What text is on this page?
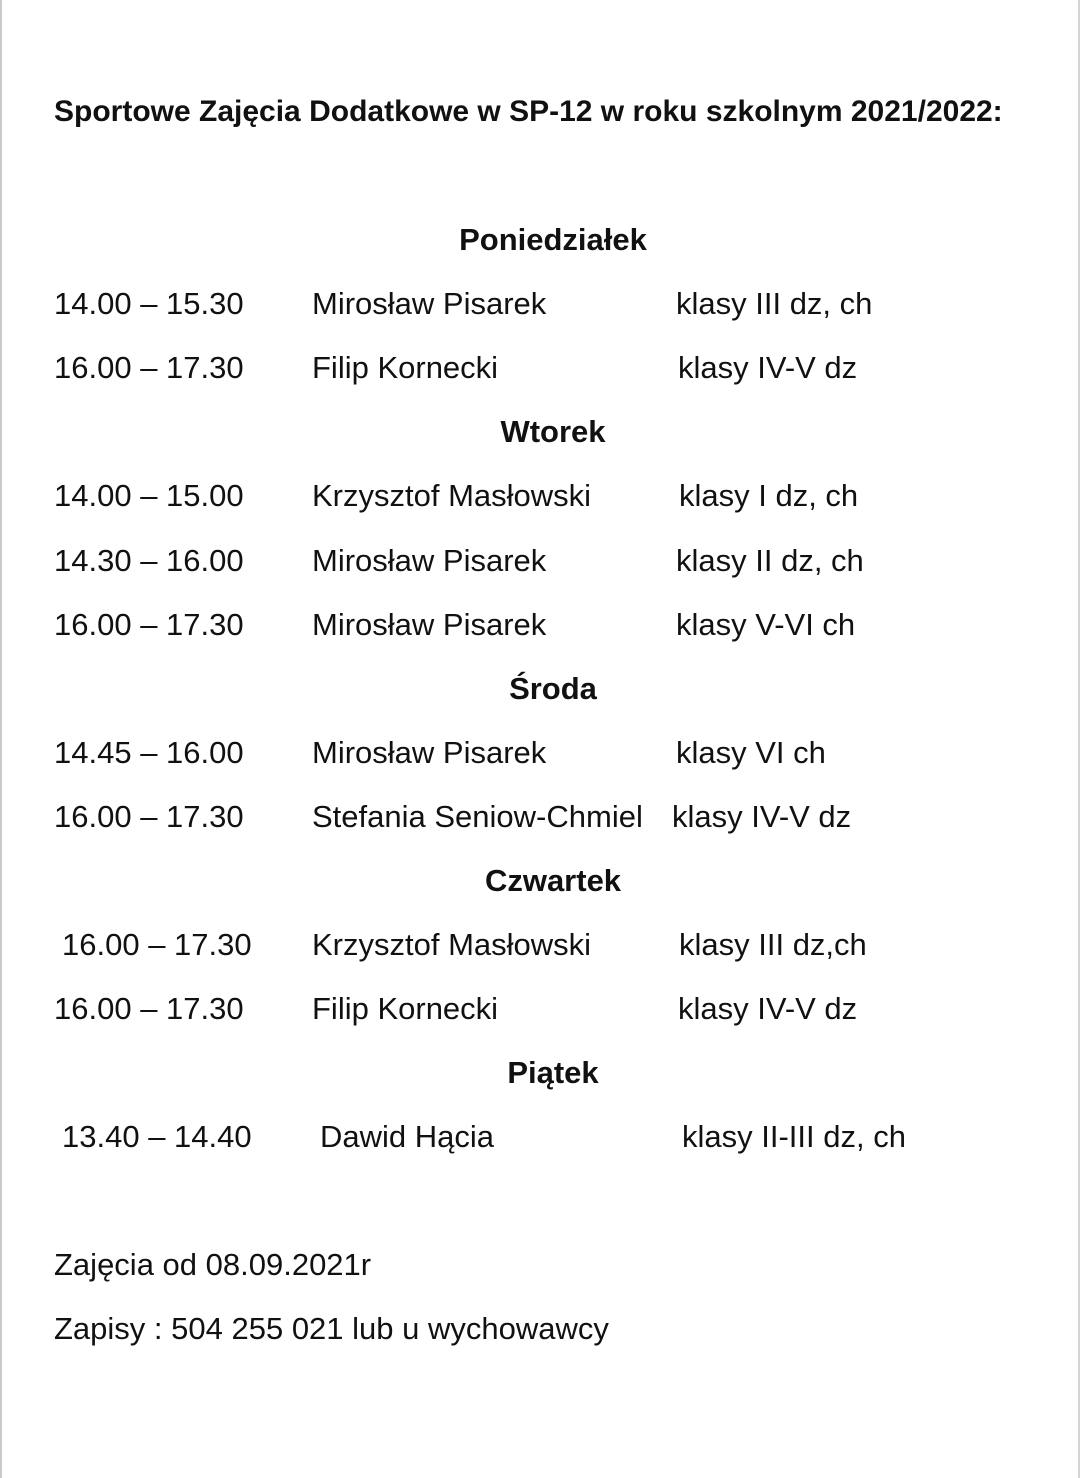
Sportowe Zajęcia Dodatkowe w SP-12 w roku szkolnym 2021/2022:
Poniedziałek
14.00 – 15.30 Mirosław Pisarek	klasy III dz, ch
16.00 – 17.30 Filip Kornecki	klasy IV-V dz
Wtorek
14.00 – 15.00 Krzysztof Masłowski	klasy I dz, ch
14.30 – 16.00 Mirosław Pisarek	klasy II dz, ch
16.00 – 17.30 Mirosław Pisarek	klasy V-VI ch
Środa
14.45 – 16.00 Mirosław Pisarek	klasy VI ch
16.00 – 17.30 Stefania Seniow-Chmiel klasy IV-V dz
Czwartek
16.00 – 17.30 Krzysztof Masłowski	klasy III dz,ch
16.00 – 17.30 Filip Kornecki	klasy IV-V dz
Piątek
13.40 – 14.40 Dawid Hącia	klasy II-III dz, ch
Zajęcia od 08.09.2021r
Zapisy : 504 255 021 lub u wychowawcy
